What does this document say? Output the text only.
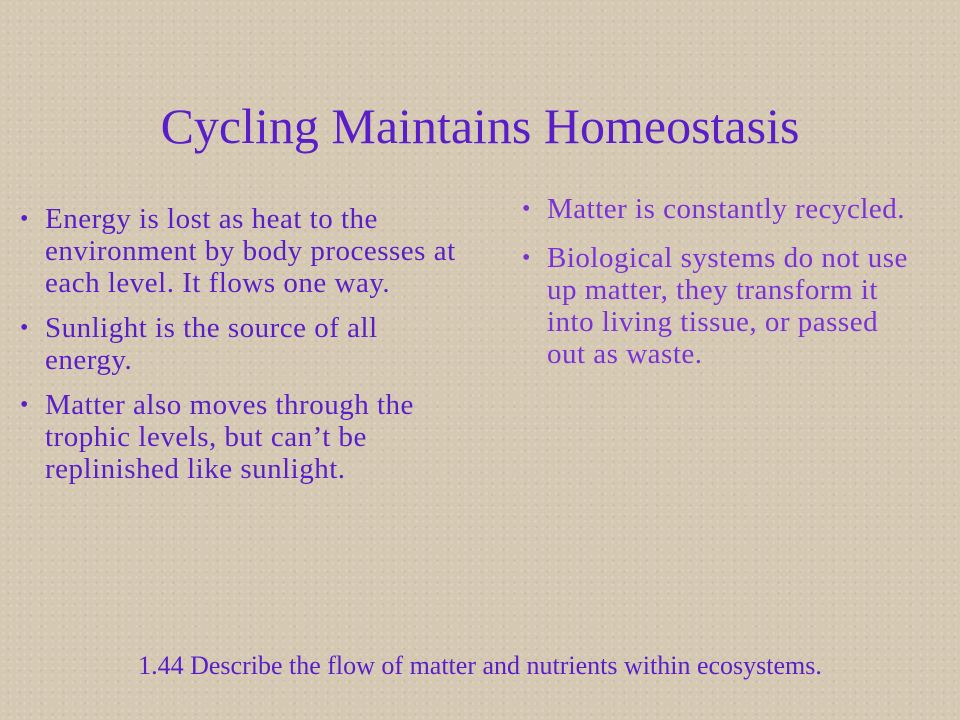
Cycling Maintains Homeostasis
• Energy is lost as heat to the environment by body processes at each level. It flows one way.
• Sunlight is the source of all energy.
• Matter also moves through the trophic levels, but can’t be replinished like sunlight.
• Matter is constantly recycled.
• Biological systems do not use up matter, they transform it into living tissue, or passed out as waste.
1.44 Describe the flow of matter and nutrients within ecosystems.
